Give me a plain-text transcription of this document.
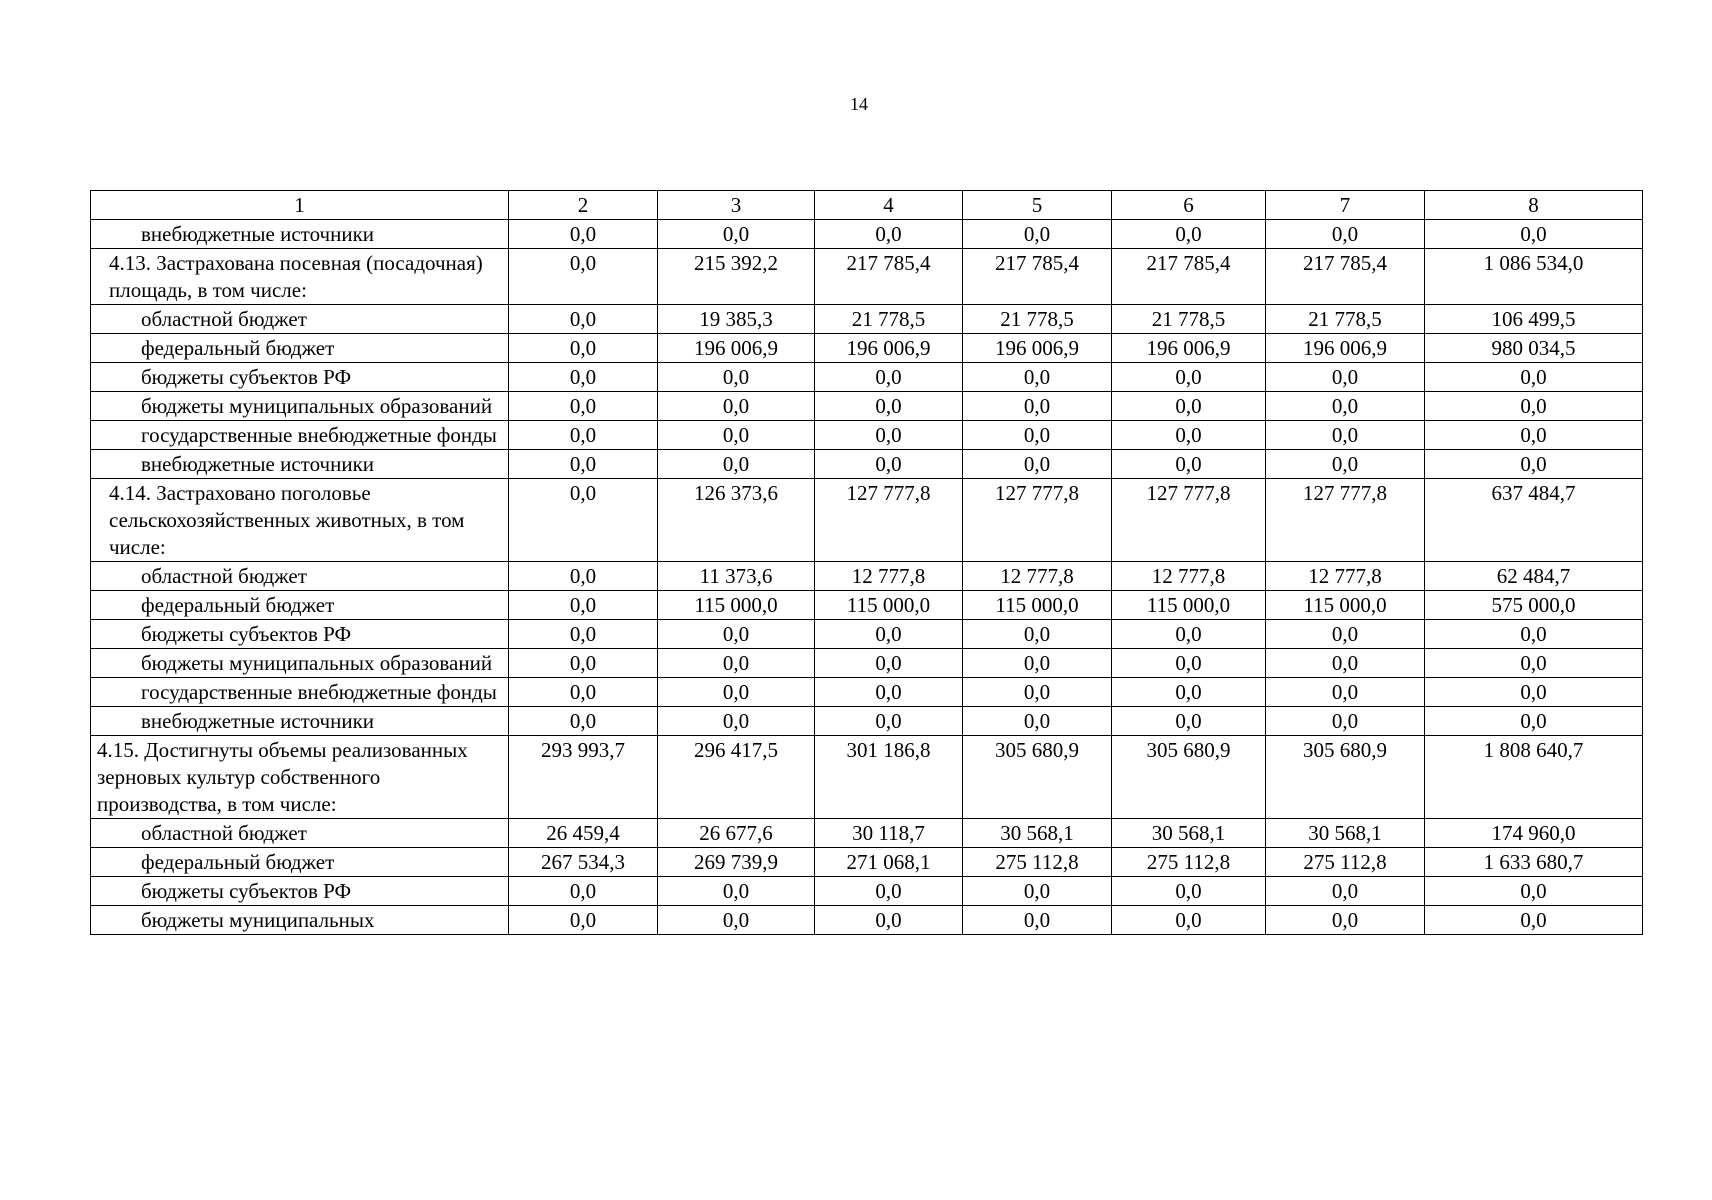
14
1	2	3	4	5	6	7	8
внебюджетные источники	0,0	0,0	0,0	0,0	0,0	0,0	0,0
4.13. Застрахована посевная (посадочная) площадь, в том числе:	0,0	215 392,2	217 785,4	217 785,4	217 785,4	217 785,4	1 086 534,0
областной бюджет	0,0	19 385,3	21 778,5	21 778,5	21 778,5	21 778,5	106 499,5
федеральный бюджет	0,0	196 006,9	196 006,9	196 006,9	196 006,9	196 006,9	980 034,5
бюджеты субъектов РФ	0,0	0,0	0,0	0,0	0,0	0,0	0,0
бюджеты муниципальных образований	0,0	0,0	0,0	0,0	0,0	0,0	0,0
государственные внебюджетные фонды	0,0	0,0	0,0	0,0	0,0	0,0	0,0
внебюджетные источники	0,0	0,0	0,0	0,0	0,0	0,0	0,0
4.14. Застраховано поголовье сельскохозяйственных животных, в том числе:	0,0	126 373,6	127 777,8	127 777,8	127 777,8	127 777,8	637 484,7
областной бюджет	0,0	11 373,6	12 777,8	12 777,8	12 777,8	12 777,8	62 484,7
федеральный бюджет	0,0	115 000,0	115 000,0	115 000,0	115 000,0	115 000,0	575 000,0
бюджеты субъектов РФ	0,0	0,0	0,0	0,0	0,0	0,0	0,0
бюджеты муниципальных образований	0,0	0,0	0,0	0,0	0,0	0,0	0,0
государственные внебюджетные фонды	0,0	0,0	0,0	0,0	0,0	0,0	0,0
внебюджетные источники	0,0	0,0	0,0	0,0	0,0	0,0	0,0
4.15. Достигнуты объемы реализованных зерновых культур собственного производства, в том числе:	293 993,7	296 417,5	301 186,8	305 680,9	305 680,9	305 680,9	1 808 640,7
областной бюджет	26 459,4	26 677,6	30 118,7	30 568,1	30 568,1	30 568,1	174 960,0
федеральный бюджет	267 534,3	269 739,9	271 068,1	275 112,8	275 112,8	275 112,8	1 633 680,7
бюджеты субъектов РФ	0,0	0,0	0,0	0,0	0,0	0,0	0,0
бюджеты муниципальных	0,0	0,0	0,0	0,0	0,0	0,0	0,0
